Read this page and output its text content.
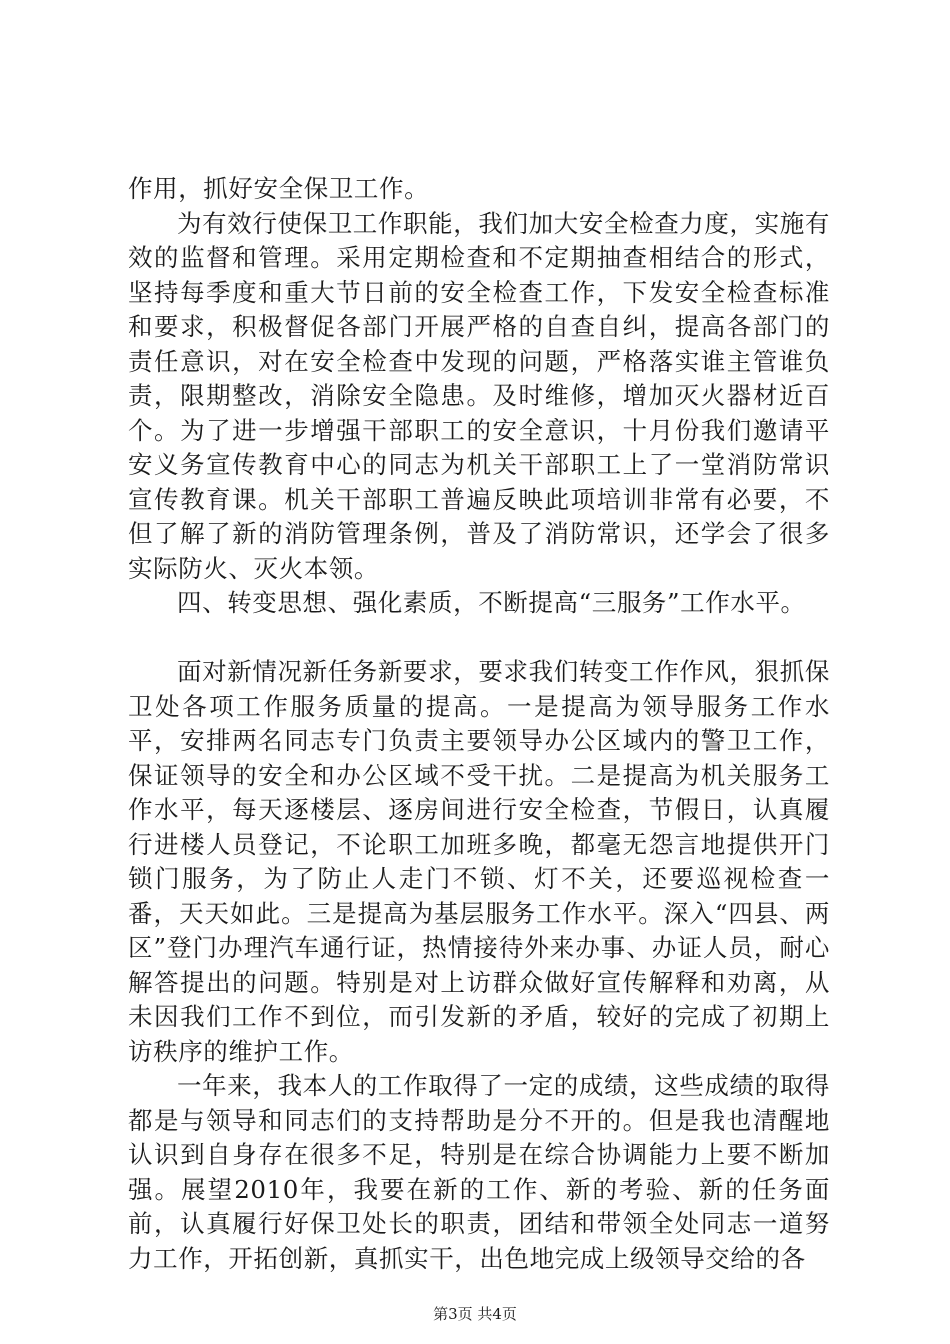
作用，抓好安全保卫工作。

为有效行使保卫工作职能，我们加大安全检查力度，实施有效的监督和管理。采用定期检查和不定期抽查相结合的形式，坚持每季度和重大节日前的安全检查工作，下发安全检查标准和要求，积极督促各部门开展严格的自查自纠，提高各部门的责任意识，对在安全检查中发现的问题，严格落实谁主管谁负责，限期整改，消除安全隐患。及时维修，增加灭火器材近百个。为了进一步增强干部职工的安全意识，十月份我们邀请平安义务宣传教育中心的同志为机关干部职工上了一堂消防常识宣传教育课。机关干部职工普遍反映此项培训非常有必要，不但了解了新的消防管理条例，普及了消防常识，还学会了很多实际防火、灭火本领。

四、转变思想、强化素质，不断提高“三服务”工作水平。

面对新情况新任务新要求，要求我们转变工作作风，狠抓保卫处各项工作服务质量的提高。一是提高为领导服务工作水平，安排两名同志专门负责主要领导办公区域内的警卫工作，保证领导的安全和办公区域不受干扰。二是提高为机关服务工作水平，每天逐楼层、逐房间进行安全检查，节假日，认真履行进楼人员登记，不论职工加班多晚，都毫无怨言地提供开门锁门服务，为了防止人走门不锁、灯不关，还要巡视检查一番，天天如此。三是提高为基层服务工作水平。深入“四县、两区”登门办理汽车通行证，热情接待外来办事、办证人员，耐心解答提出的问题。特别是对上访群众做好宣传解释和劝离，从未因我们工作不到位，而引发新的矛盾，较好的完成了初期上访秩序的维护工作。

一年来，我本人的工作取得了一定的成绩，这些成绩的取得都是与领导和同志们的支持帮助是分不开的。但是我也清醒地认识到自身存在很多不足，特别是在综合协调能力上要不断加强。展望2010年，我要在新的工作、新的考验、新的任务面前，认真履行好保卫处长的职责，团结和带领全处同志一道努力工作，开拓创新，真抓实干，出色地完成上级领导交给的各

第3页 共4页
